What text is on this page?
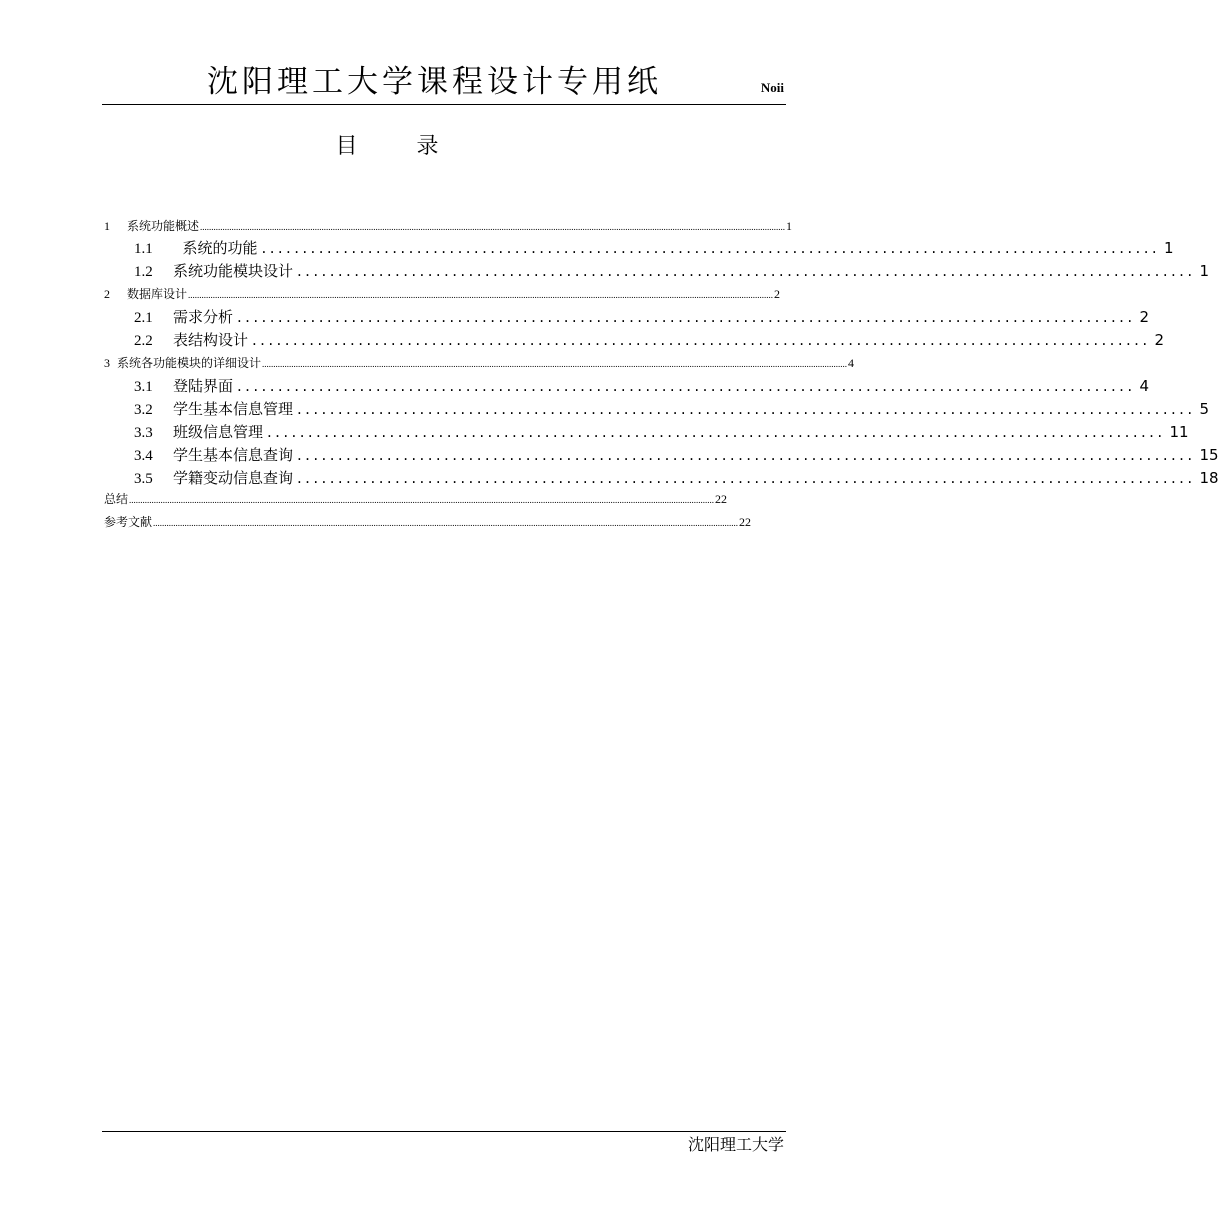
沈阳理工大学课程设计专用纸	Noii
目 录
1	系统功能概述 .................................................................................................................................................................................................................................................................... 1
1.1	系统的功能 .............................................................................................................. 1
1.2	系统功能模块设计 .............................................................................................................. 1
2	数据库设计 .................................................................................................................................................................................................................................................................... 2
2.1	需求分析 .............................................................................................................. 2
2.2	表结构设计 .............................................................................................................. 2
3 系统各功能模块的详细设计 .................................................................................................................................................................................................................................................................... 4
3.1	登陆界面 .............................................................................................................. 4
3.2	学生基本信息管理 .............................................................................................................. 5
3.3	班级信息管理 .............................................................................................................. 11
3.4	学生基本信息查询 .............................................................................................................. 15
3.5	学籍变动信息查询 .............................................................................................................. 18
总结 .................................................................................................................................................................................................................................................................... 22
参考文献 .................................................................................................................................................................................................................................................................... 22
沈阳理工大学
